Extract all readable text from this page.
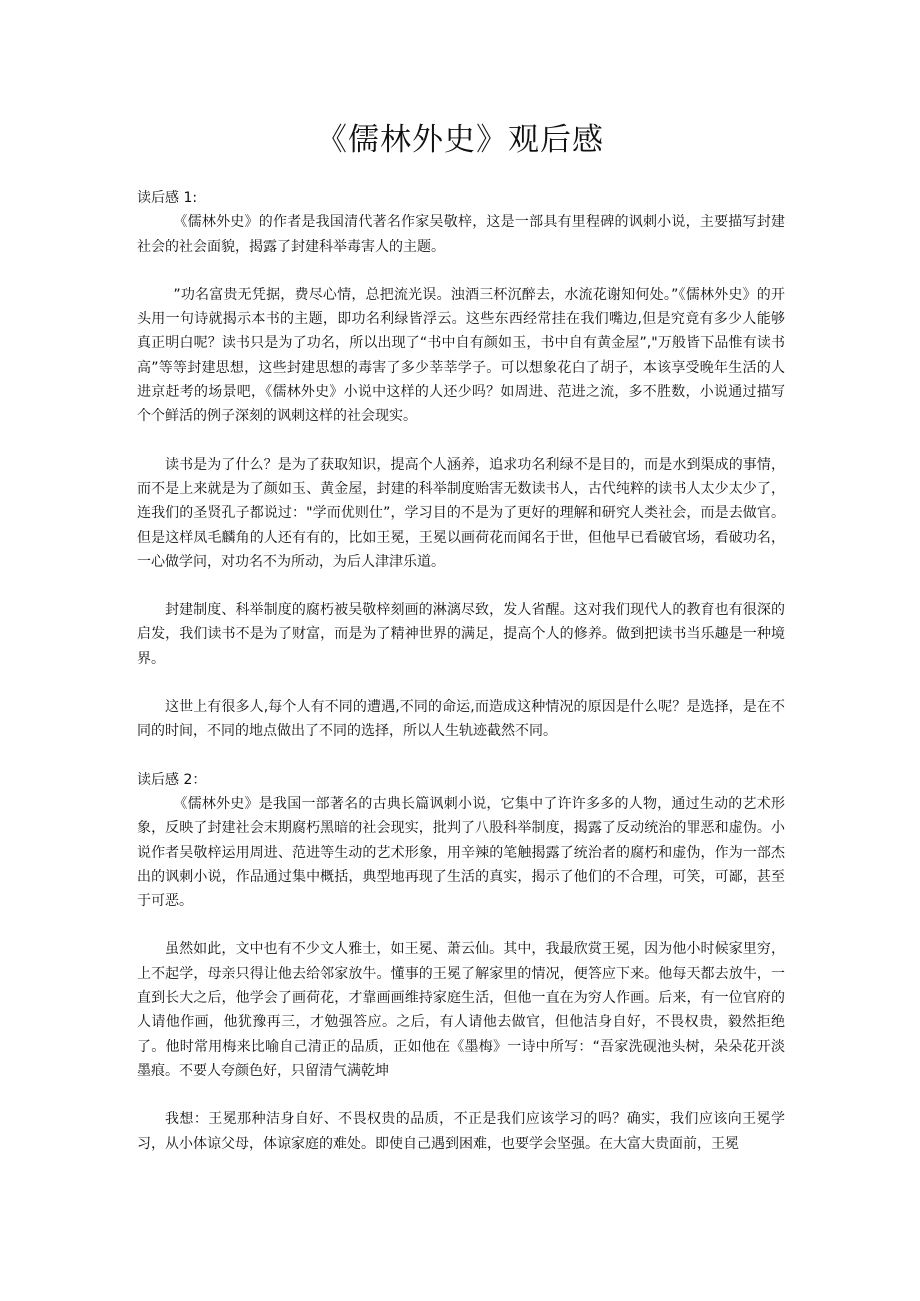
《儒林外史》观后感

读后感 1:

《儒林外史》的作者是我国清代著名作家吴敬梓，这是一部具有里程碑的讽刺小说，主要描写封建社会的社会面貌，揭露了封建科举毒害人的主题。

”功名富贵无凭据，费尽心情，总把流光误。浊酒三杯沉醉去，水流花谢知何处。”《儒林外史》的开头用一句诗就揭示本书的主题，即功名利绿皆浮云。这些东西经常挂在我们嘴边,但是究竟有多少人能够真正明白呢？读书只是为了功名，所以出现了“书中自有颜如玉，书中自有黄金屋”,"万般皆下品惟有读书高”等等封建思想，这些封建思想的毒害了多少莘莘学子。可以想象花白了胡子，本该享受晚年生活的人进京赶考的场景吧，《儒林外史》小说中这样的人还少吗？如周进、范进之流，多不胜数，小说通过描写个个鲜活的例子深刻的讽刺这样的社会现实。

读书是为了什么？是为了获取知识，提高个人涵养，追求功名利绿不是目的，而是水到渠成的事情，而不是上来就是为了颜如玉、黄金屋，封建的科举制度贻害无数读书人，古代纯粹的读书人太少太少了，连我们的圣贤孔子都说过："学而优则仕”，学习目的不是为了更好的理解和研究人类社会，而是去做官。但是这样凤毛麟角的人还有有的，比如王冕，王冕以画荷花而闻名于世，但他早已看破官场，看破功名，一心做学问，对功名不为所动，为后人津津乐道。

封建制度、科举制度的腐朽被吴敬梓刻画的淋漓尽致，发人省醒。这对我们现代人的教育也有很深的启发，我们读书不是为了财富，而是为了精神世界的满足，提高个人的修养。做到把读书当乐趣是一种境界。

这世上有很多人,每个人有不同的遭遇,不同的命运,而造成这种情况的原因是什么呢？是选择，是在不同的时间，不同的地点做出了不同的选择，所以人生轨迹截然不同。

读后感 2：

《儒林外史》是我国一部著名的古典长篇讽刺小说，它集中了许许多多的人物，通过生动的艺术形象，反映了封建社会末期腐朽黑暗的社会现实，批判了八股科举制度，揭露了反动统治的罪恶和虚伪。小说作者吴敬梓运用周进、范进等生动的艺术形象，用辛辣的笔触揭露了统治者的腐朽和虚伪，作为一部杰出的讽刺小说，作品通过集中概括，典型地再现了生活的真实，揭示了他们的不合理，可笑，可鄙，甚至于可恶。

虽然如此，文中也有不少文人雅士，如王冕、萧云仙。其中，我最欣赏王冕，因为他小时候家里穷，上不起学，母亲只得让他去给邻家放牛。懂事的王冕了解家里的情况，便答应下来。他每天都去放牛，一直到长大之后，他学会了画荷花，才靠画画维持家庭生活，但他一直在为穷人作画。后来，有一位官府的人请他作画，他犹豫再三，才勉强答应。之后，有人请他去做官，但他洁身自好，不畏权贵，毅然拒绝了。他时常用梅来比喻自己清正的品质，正如他在《墨梅》一诗中所写：“吾家洗砚池头树，朵朵花开淡墨痕。不要人夸颜色好，只留清气满乾坤

我想：王冕那种洁身自好、不畏权贵的品质，不正是我们应该学习的吗？确实，我们应该向王冕学习，从小体谅父母，体谅家庭的难处。即使自己遇到困难，也要学会坚强。在大富大贵面前，王冕
